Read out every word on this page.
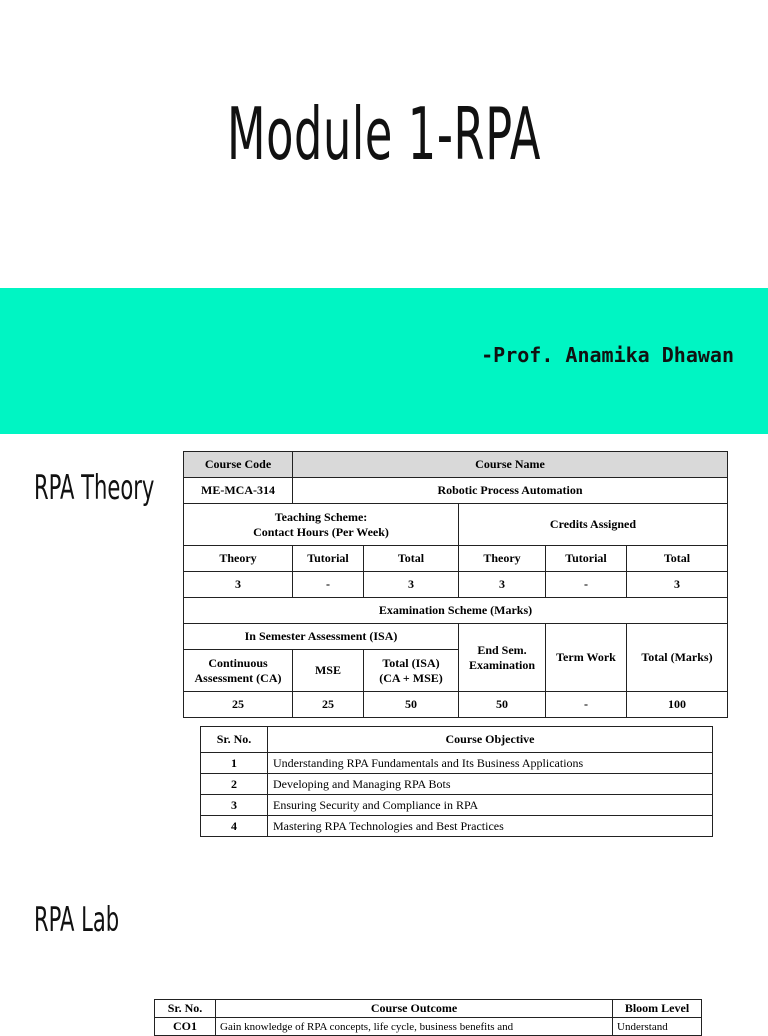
Module 1-RPA
-Prof. Anamika Dhawan
RPA Theory
RPA Lab
Course Code	Course Name				
ME-MCA-314	Robotic Process Automation				
Teaching Scheme:
Contact Hours (Per Week)			Credits Assigned		
Theory	Tutorial	Total	Theory	Tutorial	Total
3	-	3	3	-	3
Examination Scheme (Marks)					
In Semester Assessment (ISA)			End Sem. Examination	Term Work	Total (Marks)
Continuous Assessment (CA)	MSE	Total (ISA)
(CA + MSE)			
25	25	50	50	-	100
Sr. No.	Course Objective
1	Understanding RPA Fundamentals and Its Business Applications
2	Developing and Managing RPA Bots
3	Ensuring Security and Compliance in RPA
4	Mastering RPA Technologies and Best Practices
Sr. No.	Course Outcome	Bloom Level
CO1	Gain knowledge of RPA concepts, life cycle, business benefits and	Understand
